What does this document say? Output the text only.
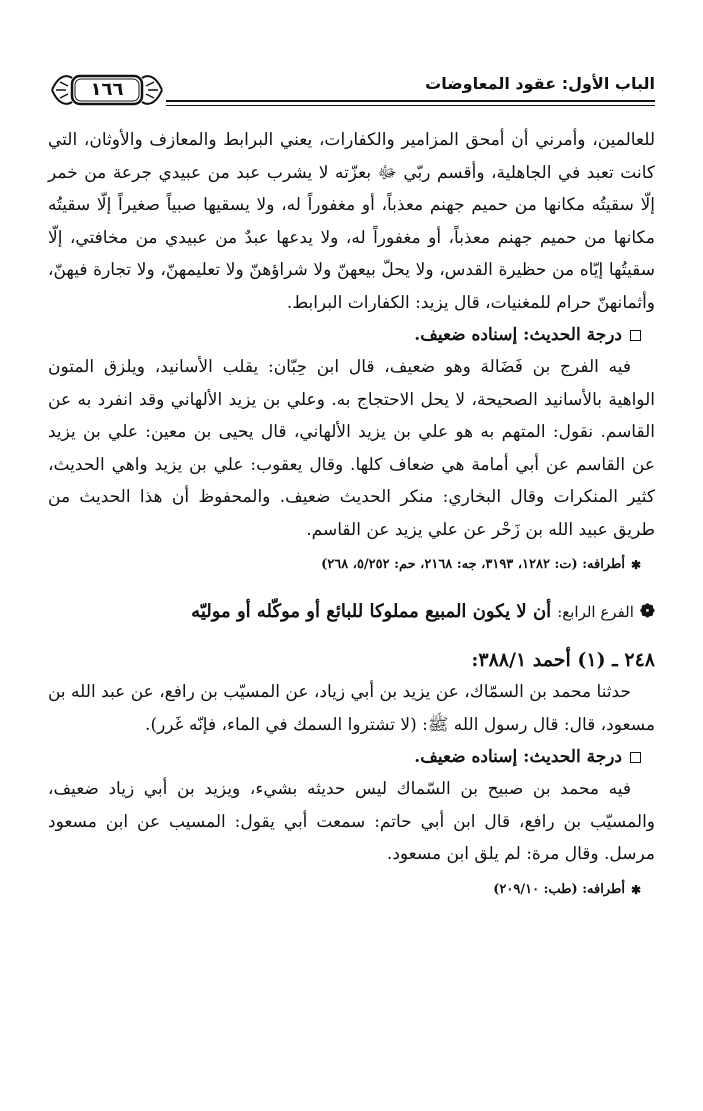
الباب الأول: عقود المعاوضات
١٦٦

للعالمين، وأمرني أن أمحق المزامير والكفارات، يعني البرابط والمعازف والأوثان، التي كانت تعبد في الجاهلية، وأقسم ربّي ﷻ بعزّته لا يشرب عبد من عبيدي جرعة من خمر إلّا سقيتُه مكانها من حميم جهنم معذباً، أو مغفوراً له، ولا يسقيها صبياً صغيراً إلّا سقيتُه مكانها من حميم جهنم معذباً، أو مغفوراً له، ولا يدعها عبدٌ من عبيدي من مخافتي، إلّا سقيتُها إيّاه من حظيرة القدس، ولا يحلّ بيعهنّ ولا شراؤهنّ ولا تعليمهنّ، ولا تجارة فيهنّ، وأثمانهنّ حرام للمغنيات، قال يزيد: الكفارات البرابط.

درجة الحديث: إسناده ضعيف.

فيه الفرج بن فَضَالة وهو ضعيف، قال ابن حِبّان: يقلب الأسانيد، ويلزق المتون الواهية بالأسانيد الصحيحة، لا يحل الاحتجاج به. وعلي بن يزيد الألهاني وقد انفرد به عن القاسم. نقول: المتهم به هو علي بن يزيد الألهاني، قال يحيى بن معين: علي بن يزيد عن القاسم عن أبي أمامة هي ضعاف كلها. وقال يعقوب: علي بن يزيد واهي الحديث، كثير المنكرات وقال البخاري: منكر الحديث ضعيف. والمحفوظ أن هذا الحديث من طريق عبيد الله بن زَحْر عن علي يزيد عن القاسم.

✱
أطرافه: (ت: ١٢٨٢، ٣١٩٣، جه: ٢١٦٨، حم: ٥/٢٥٢، ٢٦٨)

❁
الفرع الرابع:
أن لا يكون المبيع مملوكا للبائع أو موكّله أو موليّه

٢٤٨ ـ (١) أحمد ٣٨٨/١:

حدثنا محمد بن السمّاك، عن يزيد بن أبي زياد، عن المسيّب بن رافع، عن عبد الله بن مسعود، قال: قال رسول الله ﷺ: (لا تشتروا السمك في الماء، فإنّه غَرر).

درجة الحديث: إسناده ضعيف.

فيه محمد بن صبيح بن السّماك ليس حديثه بشيء، ويزيد بن أبي زياد ضعيف، والمسيّب بن رافع، قال ابن أبي حاتم: سمعت أبي يقول: المسيب عن ابن مسعود مرسل. وقال مرة: لم يلق ابن مسعود.

✱
أطرافه: (طب: ٢٠٩/١٠)
